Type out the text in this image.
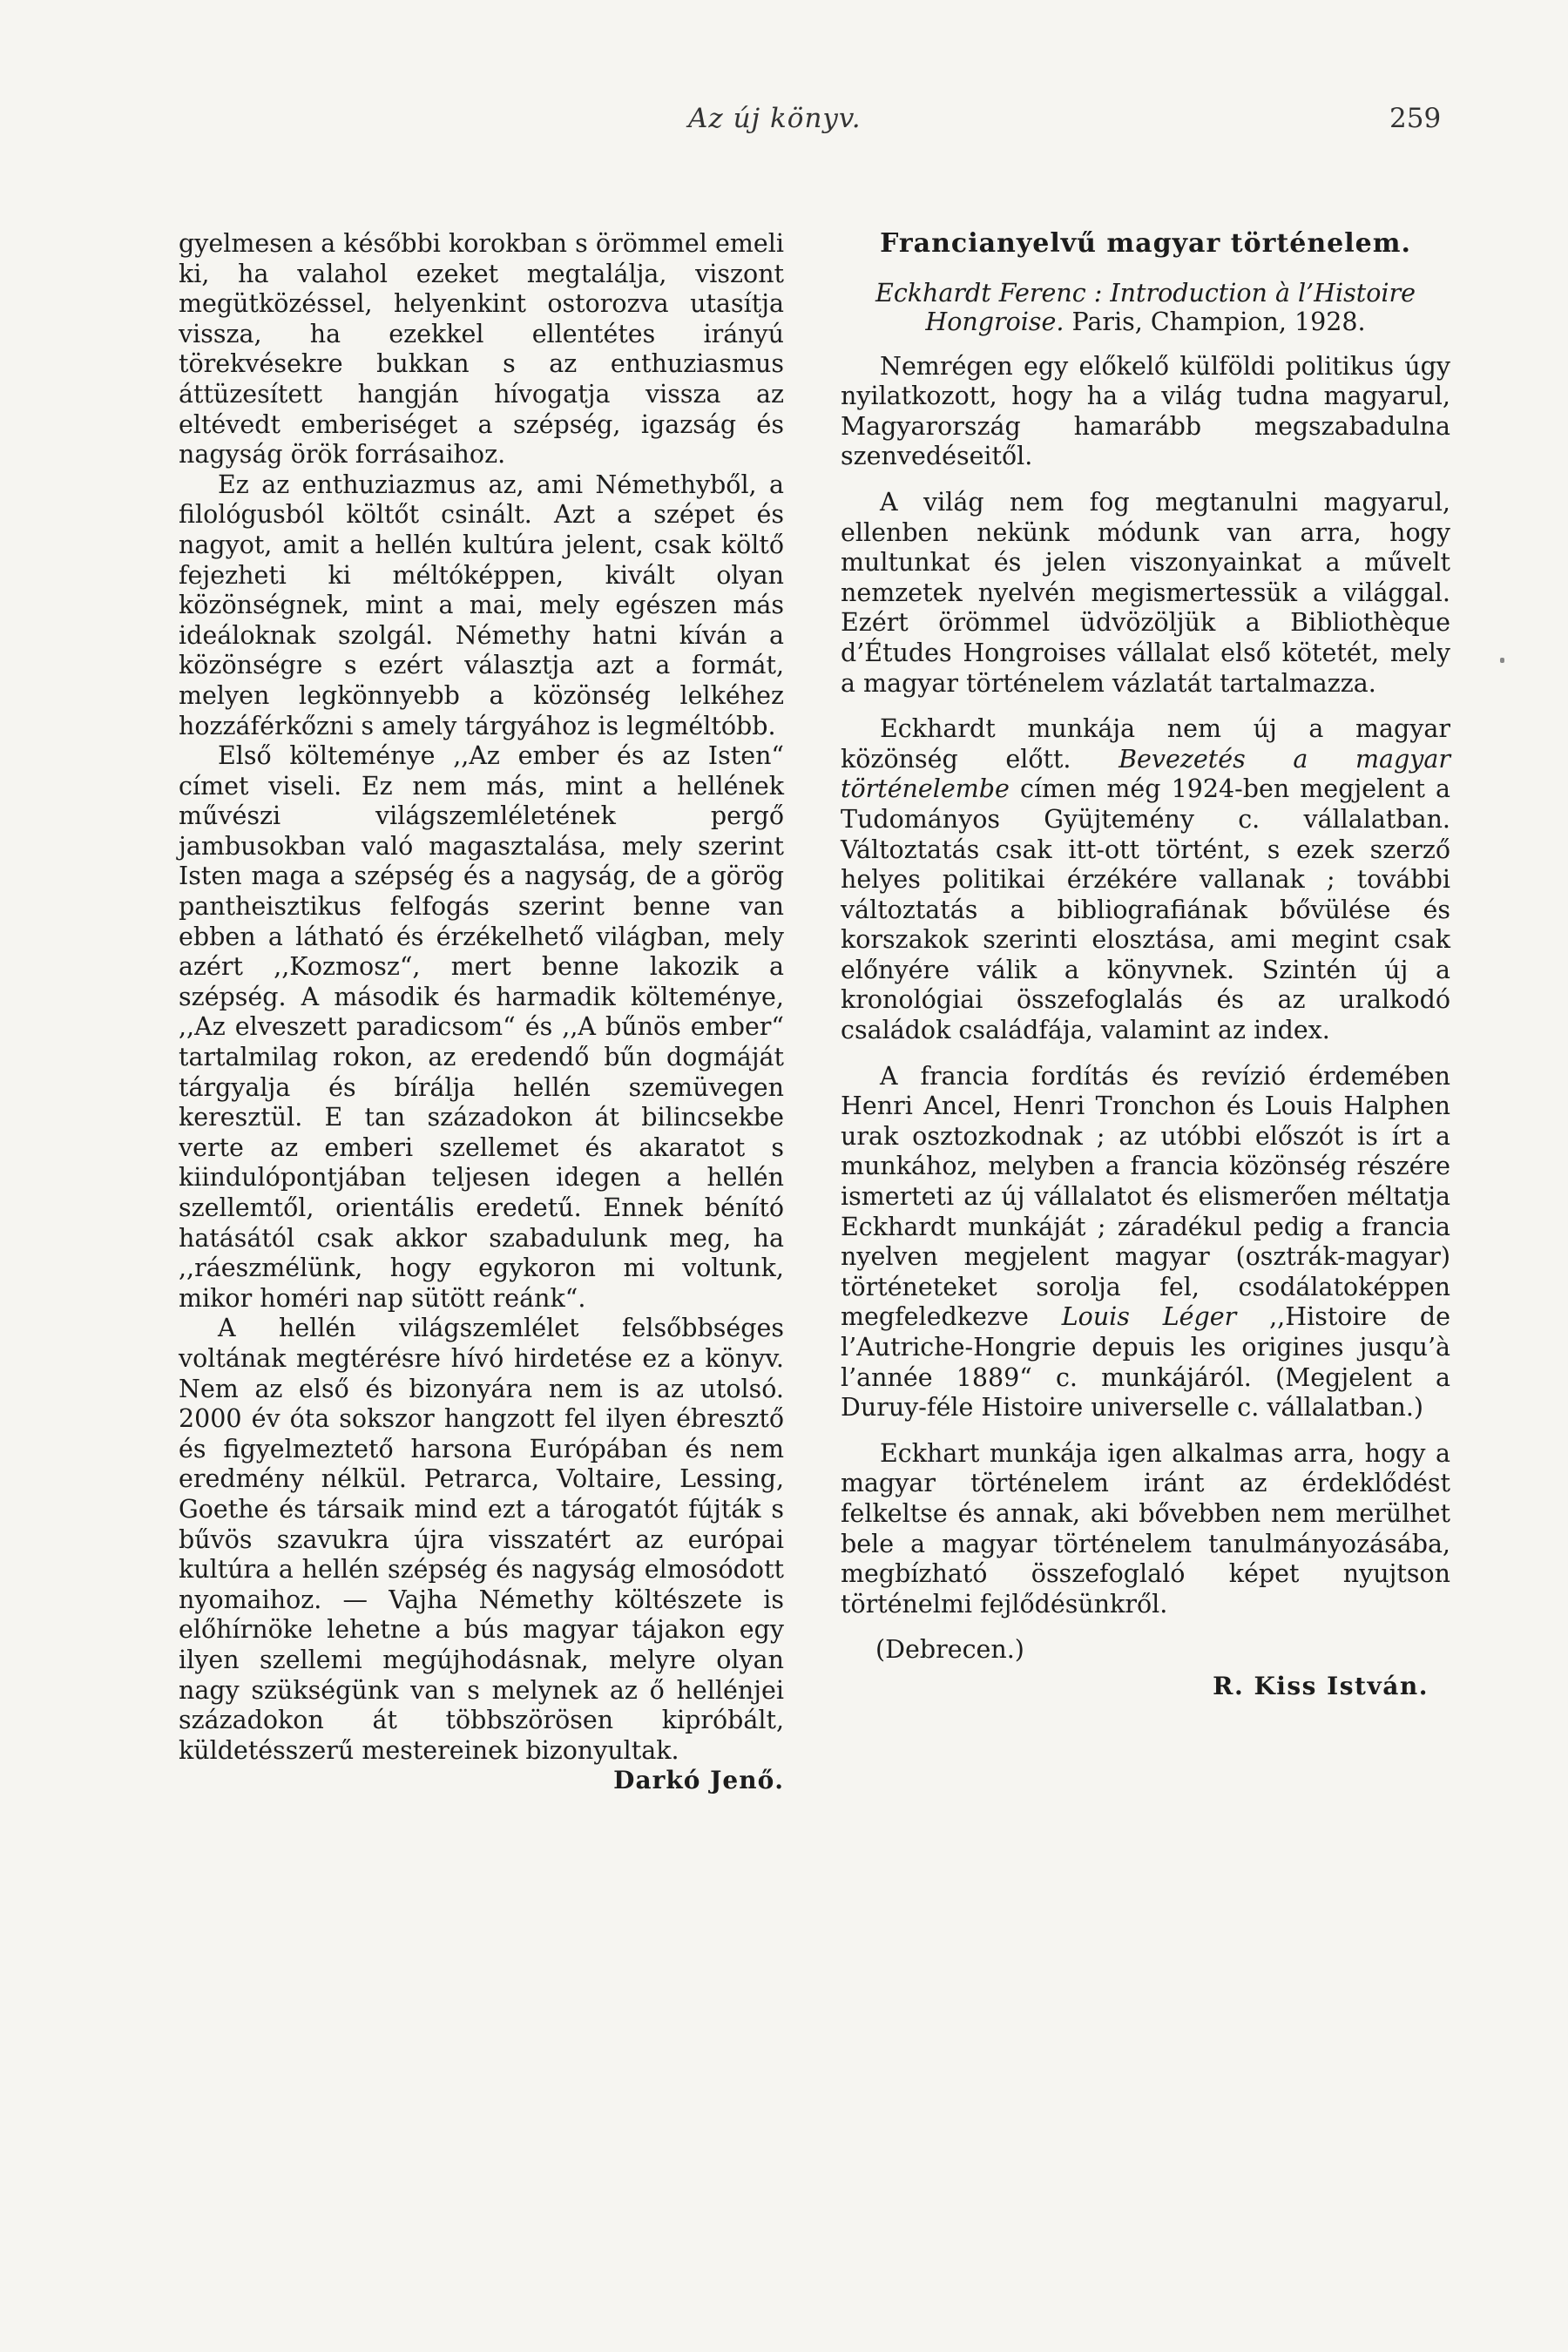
Az új könyv.	259

gyelmesen a későbbi korokban s örömmel emeli ki, ha valahol ezeket megtalálja, viszont megütközéssel, helyenkint ostorozva utasítja vissza, ha ezekkel ellentétes irányú törekvésekre bukkan s az enthuziasmus áttüzesített hangján hívogatja vissza az eltévedt emberiséget a szépség, igazság és nagyság örök forrásaihoz.

Ez az enthuziazmus az, ami Némethyből, a filológusból költőt csinált. Azt a szépet és nagyot, amit a hellén kultúra jelent, csak költő fejezheti ki méltóképpen, kivált olyan közönségnek, mint a mai, mely egészen más ideáloknak szolgál. Némethy hatni kíván a közönségre s ezért választja azt a formát, melyen legkönnyebb a közönség lelkéhez hozzáférkőzni s amely tárgyához is legméltóbb.

Első költeménye ,,Az ember és az Isten“ címet viseli. Ez nem más, mint a hellének művészi világszemléletének pergő jambusokban való magasztalása, mely szerint Isten maga a szépség és a nagyság, de a görög pantheisztikus felfogás szerint benne van ebben a látható és érzékelhető világban, mely azért ,,Kozmosz“, mert benne lakozik a szépség. A második és harmadik költeménye, ,,Az elveszett paradicsom“ és ,,A bűnös ember“ tartalmilag rokon, az eredendő bűn dogmáját tárgyalja és bírálja hellén szemüvegen keresztül. E tan századokon át bilincsekbe verte az emberi szellemet és akaratot s kiindulópontjában teljesen idegen a hellén szellemtől, orientális eredetű. Ennek bénító hatásától csak akkor szabadulunk meg, ha ,,ráeszmélünk, hogy egykoron mi voltunk, mikor homéri nap sütött reánk“.

A hellén világszemlélet felsőbbséges voltának megtérésre hívó hirdetése ez a könyv. Nem az első és bizonyára nem is az utolsó. 2000 év óta sokszor hangzott fel ilyen ébresztő és figyelmeztető harsona Európában és nem eredmény nélkül. Petrarca, Voltaire, Lessing, Goethe és társaik mind ezt a tárogatót fújták s bűvös szavukra újra visszatért az európai kultúra a hellén szépség és nagyság elmosódott nyomaihoz. — Vajha Némethy költészete is előhírnöke lehetne a bús magyar tájakon egy ilyen szellemi megújhodásnak, melyre olyan nagy szükségünk van s melynek az ő hellénjei századokon át többszörösen kipróbált, küldetésszerű mestereinek bizonyultak.
Darkó Jenő.

Francianyelvű magyar történelem.
Eckhardt Ferenc : Introduction à l’Histoire Hongroise. Paris, Champion, 1928.

Nemrégen egy előkelő külföldi politikus úgy nyilatkozott, hogy ha a világ tudna magyarul, Magyarország hamarább megszabadulna szenvedéseitől.

A világ nem fog megtanulni magyarul, ellenben nekünk módunk van arra, hogy multunkat és jelen viszonyainkat a művelt nemzetek nyelvén megismertessük a világgal. Ezért örömmel üdvözöljük a Bibliothèque d’Études Hongroises vállalat első kötetét, mely a magyar történelem vázlatát tartalmazza.

Eckhardt munkája nem új a magyar közönség előtt. Bevezetés a magyar történelembe címen még 1924-ben megjelent a Tudományos Gyüjtemény c. vállalatban. Változtatás csak itt-ott történt, s ezek szerző helyes politikai érzékére vallanak ; további változtatás a bibliografiának bővülése és korszakok szerinti elosztása, ami megint csak előnyére válik a könyvnek. Szintén új a kronológiai összefoglalás és az uralkodó családok családfája, valamint az index.

A francia fordítás és revízió érdemében Henri Ancel, Henri Tronchon és Louis Halphen urak osztozkodnak ; az utóbbi előszót is írt a munkához, melyben a francia közönség részére ismerteti az új vállalatot és elismerően méltatja Eckhardt munkáját ; záradékul pedig a francia nyelven megjelent magyar (osztrák-magyar) történeteket sorolja fel, csodálatoképpen megfeledkezve Louis Léger ,,Histoire de l’Autriche-Hongrie depuis les origines jusqu’à l’année 1889“ c. munkájáról. (Megjelent a Duruy-féle Histoire universelle c. vállalatban.)

Eckhart munkája igen alkalmas arra, hogy a magyar történelem iránt az érdeklődést felkeltse és annak, aki bővebben nem merülhet bele a magyar történelem tanulmányozásába, megbízható összefoglaló képet nyujtson történelmi fejlődésünkről.

(Debrecen.)
R. Kiss István.
